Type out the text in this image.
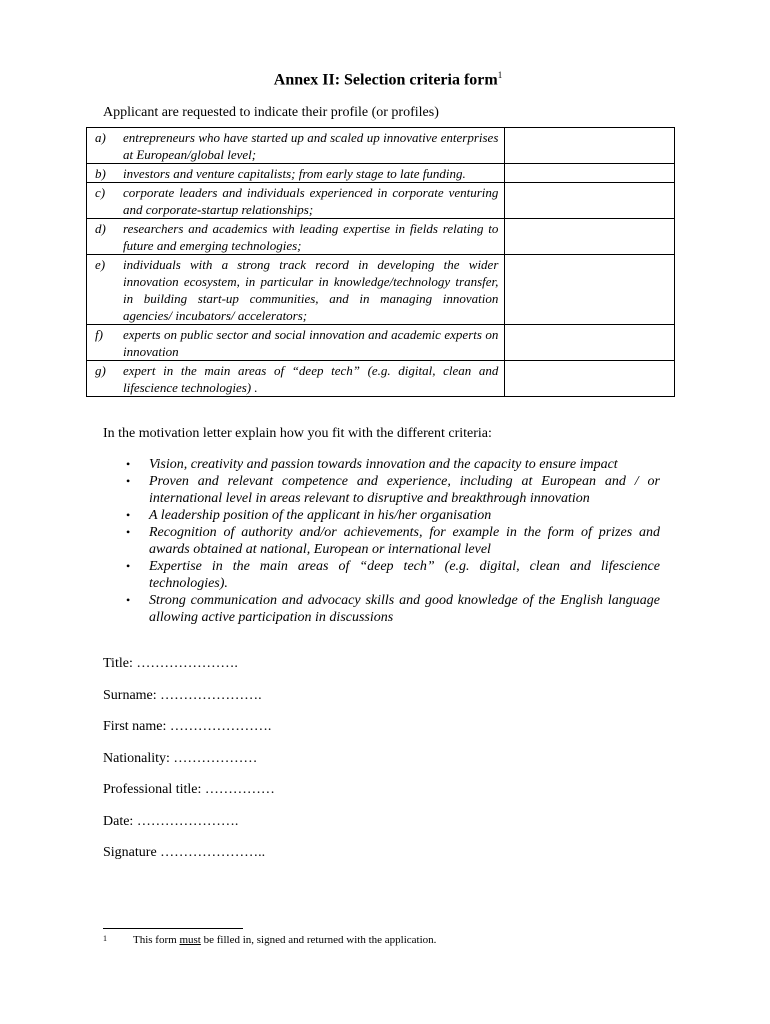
Annex II: Selection criteria form$^1$
Applicant are requested to indicate their profile (or profiles)
a) entrepreneurs who have started up and scaled up innovative enterprises at European/global level;	

b) investors and venture capitalists; from early stage to late funding.	

c) corporate leaders and individuals experienced in corporate venturing and corporate-startup relationships;	

d) researchers and academics with leading expertise in fields relating to future and emerging technologies;	

e) individuals with a strong track record in developing the wider innovation ecosystem, in particular in knowledge/technology transfer, in building start-up communities, and in managing innovation agencies/ incubators/ accelerators;	

f) experts on public sector and social innovation and academic experts on innovation	

g) expert in the main areas of “deep tech” (e.g. digital, clean and lifescience technologies) .	

In the motivation letter explain how you fit with the different criteria:
• Vision, creativity and passion towards innovation and the capacity to ensure impact
• Proven and relevant competence and experience, including at European and / or international level in areas relevant to disruptive and breakthrough innovation
• A leadership position of the applicant in his/her organisation
• Recognition of authority and/or achievements, for example in the form of prizes and awards obtained at national, European or international level
• Expertise in the main areas of “deep tech” (e.g. digital, clean and lifescience technologies).
• Strong communication and advocacy skills and good knowledge of the English language allowing active participation in discussions
Title: ………………….
Surname: ………………….
First name: ………………….
Nationality: ………………
Professional title: ……………
Date: ………………….
Signature …………………..
1 This form must be filled in, signed and returned with the application.
